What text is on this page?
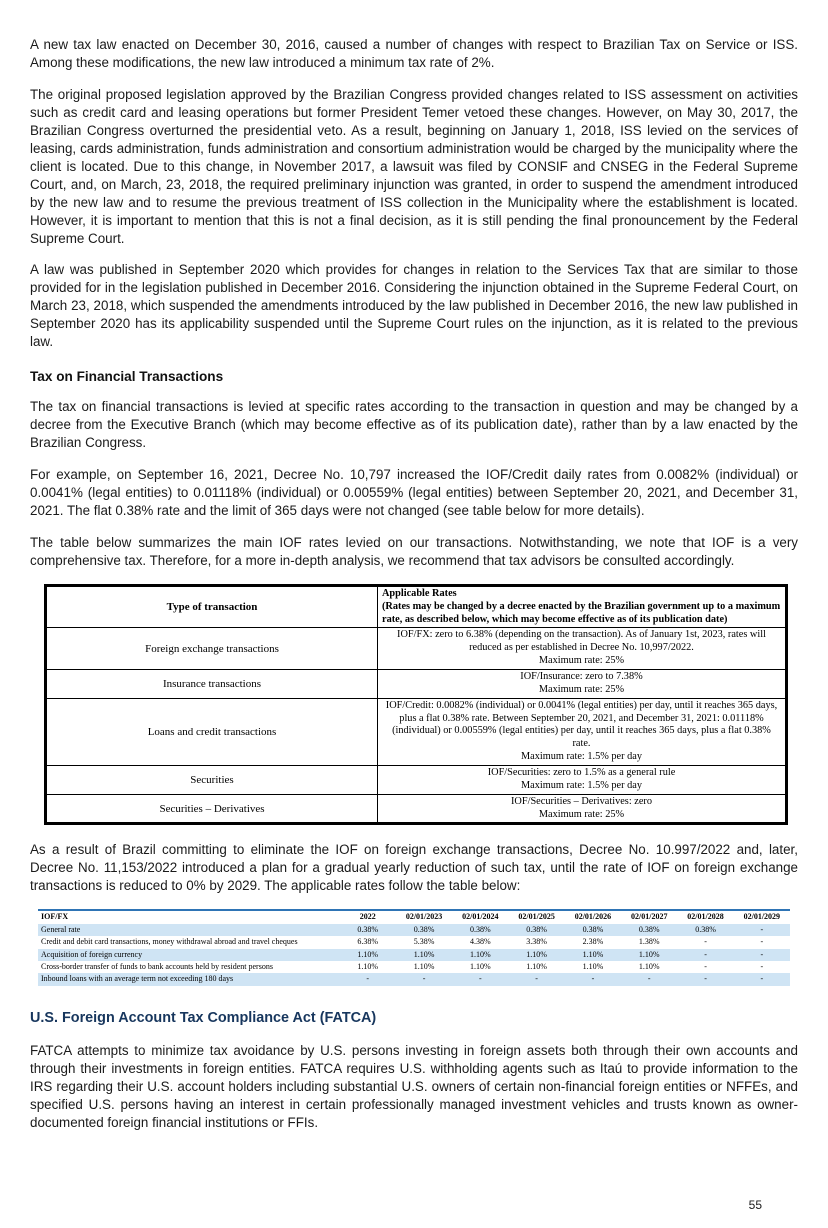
A new tax law enacted on December 30, 2016, caused a number of changes with respect to Brazilian Tax on Service or ISS. Among these modifications, the new law introduced a minimum tax rate of 2%.

The original proposed legislation approved by the Brazilian Congress provided changes related to ISS assessment on activities such as credit card and leasing operations but former President Temer vetoed these changes. However, on May 30, 2017, the Brazilian Congress overturned the presidential veto. As a result, beginning on January 1, 2018, ISS levied on the services of leasing, cards administration, funds administration and consortium administration would be charged by the municipality where the client is located. Due to this change, in November 2017, a lawsuit was filed by CONSIF and CNSEG in the Federal Supreme Court, and, on March, 23, 2018, the required preliminary injunction was granted, in order to suspend the amendment introduced by the new law and to resume the previous treatment of ISS collection in the Municipality where the establishment is located. However, it is important to mention that this is not a final decision, as it is still pending the final pronouncement by the Federal Supreme Court.

A law was published in September 2020 which provides for changes in relation to the Services Tax that are similar to those provided for in the legislation published in December 2016. Considering the injunction obtained in the Supreme Federal Court, on March 23, 2018, which suspended the amendments introduced by the law published in December 2016, the new law published in September 2020 has its applicability suspended until the Supreme Court rules on the injunction, as it is related to the previous law.

Tax on Financial Transactions

The tax on financial transactions is levied at specific rates according to the transaction in question and may be changed by a decree from the Executive Branch (which may become effective as of its publication date), rather than by a law enacted by the Brazilian Congress.

For example, on September 16, 2021, Decree No. 10,797 increased the IOF/Credit daily rates from 0.0082% (individual) or 0.0041% (legal entities) to 0.01118% (individual) or 0.00559% (legal entities) between September 20, 2021, and December 31, 2021. The flat 0.38% rate and the limit of 365 days were not changed (see table below for more details).

The table below summarizes the main IOF rates levied on our transactions. Notwithstanding, we note that IOF is a very comprehensive tax. Therefore, for a more in-depth analysis, we recommend that tax advisors be consulted accordingly.

Type of transaction	Applicable Rates
(Rates may be changed by a decree enacted by the Brazilian government up to a maximum rate, as described below, which may become effective as of its publication date)

Foreign exchange transactions	IOF/FX: zero to 6.38% (depending on the transaction). As of January 1st, 2023, rates will reduced as per established in Decree No. 10,997/2022.
Maximum rate: 25%

Insurance transactions	IOF/Insurance: zero to 7.38%
Maximum rate: 25%

Loans and credit transactions	IOF/Credit: 0.0082% (individual) or 0.0041% (legal entities) per day, until it reaches 365 days, plus a flat 0.38% rate. Between September 20, 2021, and December 31, 2021: 0.01118% (individual) or 0.00559% (legal entities) per day, until it reaches 365 days, plus a flat 0.38% rate.
Maximum rate: 1.5% per day

Securities	IOF/Securities: zero to 1.5% as a general rule
Maximum rate: 1.5% per day

Securities – Derivatives	IOF/Securities – Derivatives: zero
Maximum rate: 25%

As a result of Brazil committing to eliminate the IOF on foreign exchange transactions, Decree No. 10.997/2022 and, later, Decree No. 11,153/2022 introduced a plan for a gradual yearly reduction of such tax, until the rate of IOF on foreign exchange transactions is reduced to 0% by 2029. The applicable rates follow the table below:

IOF/FX	2022	02/01/2023	02/01/2024	02/01/2025	02/01/2026	02/01/2027	02/01/2028	02/01/2029
General rate	0.38%	0.38%	0.38%	0.38%	0.38%	0.38%	0.38%	-
Credit and debit card transactions, money withdrawal abroad and travel cheques	6.38%	5.38%	4.38%	3.38%	2.38%	1.38%	-	-
Acquisition of foreign currency	1.10%	1.10%	1.10%	1.10%	1.10%	1.10%	-	-
Cross-border transfer of funds to bank accounts held by resident persons	1.10%	1.10%	1.10%	1.10%	1.10%	1.10%	-	-
Inbound loans with an average term not exceeding 180 days	-	-	-	-	-	-	-	-
U.S. Foreign Account Tax Compliance Act (FATCA)

FATCA attempts to minimize tax avoidance by U.S. persons investing in foreign assets both through their own accounts and through their investments in foreign entities. FATCA requires U.S. withholding agents such as Itaú to provide information to the IRS regarding their U.S. account holders including substantial U.S. owners of certain non-financial foreign entities or NFFEs, and specified U.S. persons having an interest in certain professionally managed investment vehicles and trusts known as owner-documented foreign financial institutions or FFIs.

55
